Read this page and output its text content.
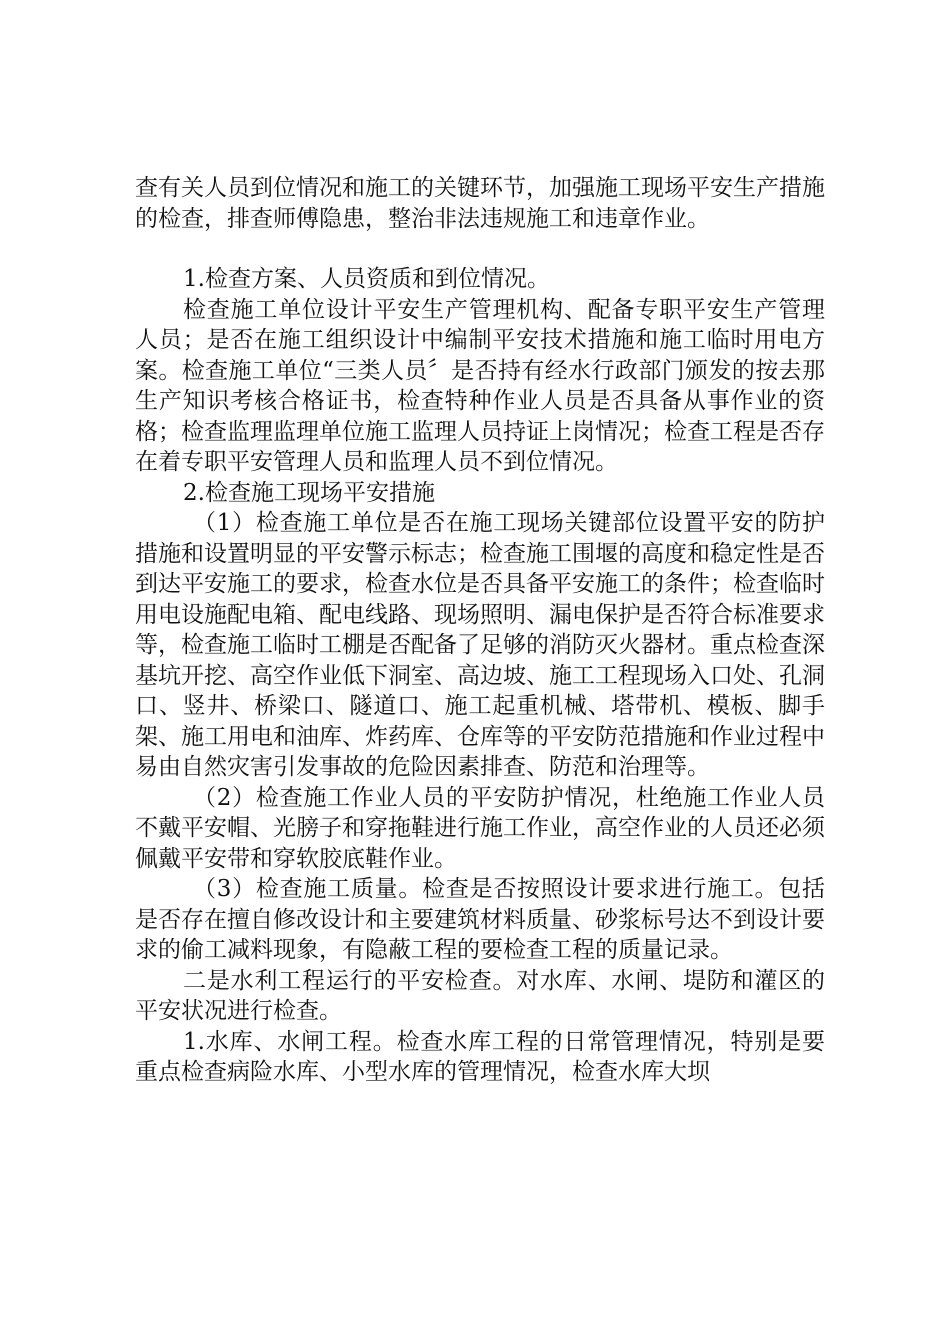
查有关人员到位情况和施工的关键环节，加强施工现场平安生产措施的检查，排查师傅隐患，整治非法违规施工和违章作业。

1.检查方案、人员资质和到位情况。

检查施工单位设计平安生产管理机构、配备专职平安生产管理人员；是否在施工组织设计中编制平安技术措施和施工临时用电方案。检查施工单位“三类人员〞是否持有经水行政部门颁发的按去那生产知识考核合格证书，检查特种作业人员是否具备从事作业的资格；检查监理监理单位施工监理人员持证上岗情况；检查工程是否存在着专职平安管理人员和监理人员不到位情况。

2.检查施工现场平安措施

（1）检查施工单位是否在施工现场关键部位设置平安的防护措施和设置明显的平安警示标志；检查施工围堰的高度和稳定性是否到达平安施工的要求，检查水位是否具备平安施工的条件；检查临时用电设施配电箱、配电线路、现场照明、漏电保护是否符合标准要求等，检查施工临时工棚是否配备了足够的消防灭火器材。重点检查深基坑开挖、高空作业低下洞室、高边坡、施工工程现场入口处、孔洞口、竖井、桥梁口、隧道口、施工起重机械、塔带机、模板、脚手架、施工用电和油库、炸药库、仓库等的平安防范措施和作业过程中易由自然灾害引发事故的危险因素排查、防范和治理等。

（2）检查施工作业人员的平安防护情况，杜绝施工作业人员不戴平安帽、光膀子和穿拖鞋进行施工作业，高空作业的人员还必须佩戴平安带和穿软胶底鞋作业。

（3）检查施工质量。检查是否按照设计要求进行施工。包括是否存在擅自修改设计和主要建筑材料质量、砂浆标号达不到设计要求的偷工减料现象，有隐蔽工程的要检查工程的质量记录。

二是水利工程运行的平安检查。对水库、水闸、堤防和灌区的平安状况进行检查。

1.水库、水闸工程。检查水库工程的日常管理情况，特别是要重点检查病险水库、小型水库的管理情况，检查水库大坝
